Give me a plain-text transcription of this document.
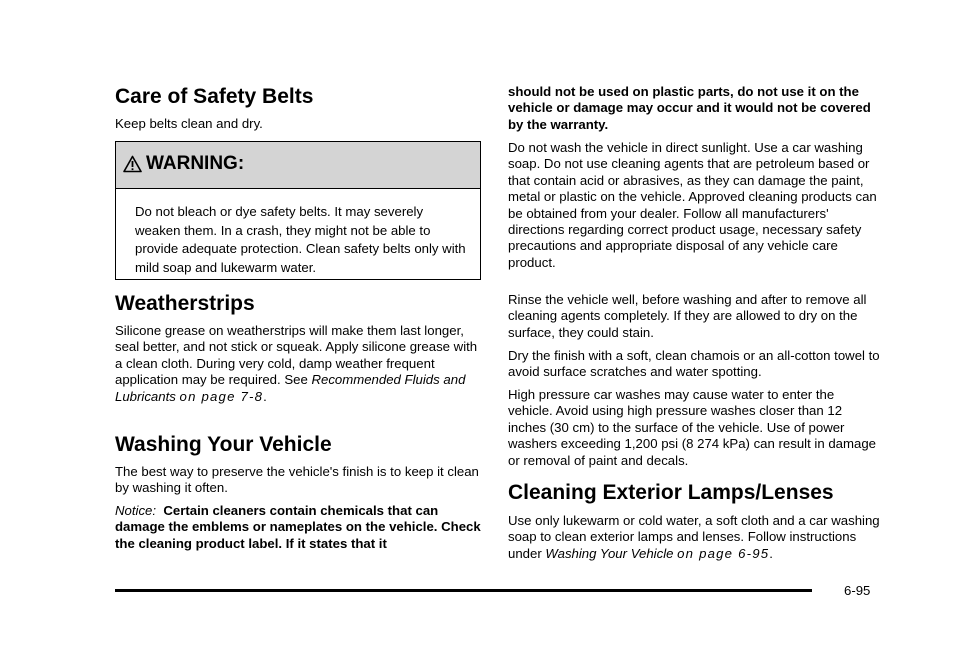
Care of Safety Belts

Keep belts clean and dry.

WARNING:
Do not bleach or dye safety belts. It may severely weaken them. In a crash, they might not be able to provide adequate protection. Clean safety belts only with mild soap and lukewarm water.
Weatherstrips

Silicone grease on weatherstrips will make them last longer, seal better, and not stick or squeak. Apply silicone grease with a clean cloth. During very cold, damp weather frequent application may be required. See Recommended Fluids and Lubricants on page 7-8.

Washing Your Vehicle

The best way to preserve the vehicle's finish is to keep it clean by washing it often.

Notice: Certain cleaners contain chemicals that can damage the emblems or nameplates on the vehicle. Check the cleaning product label. If it states that it

should not be used on plastic parts, do not use it on the vehicle or damage may occur and it would not be covered by the warranty.

Do not wash the vehicle in direct sunlight. Use a car washing soap. Do not use cleaning agents that are petroleum based or that contain acid or abrasives, as they can damage the paint, metal or plastic on the vehicle. Approved cleaning products can be obtained from your dealer. Follow all manufacturers' directions regarding correct product usage, necessary safety precautions and appropriate disposal of any vehicle care product.

Rinse the vehicle well, before washing and after to remove all cleaning agents completely. If they are allowed to dry on the surface, they could stain.

Dry the finish with a soft, clean chamois or an all-cotton towel to avoid surface scratches and water spotting.

High pressure car washes may cause water to enter the vehicle. Avoid using high pressure washes closer than 12 inches (30 cm) to the surface of the vehicle. Use of power washers exceeding 1,200 psi (8 274 kPa) can result in damage or removal of paint and decals.

Cleaning Exterior Lamps/Lenses

Use only lukewarm or cold water, a soft cloth and a car washing soap to clean exterior lamps and lenses. Follow instructions under Washing Your Vehicle on page 6-95.

6-95
